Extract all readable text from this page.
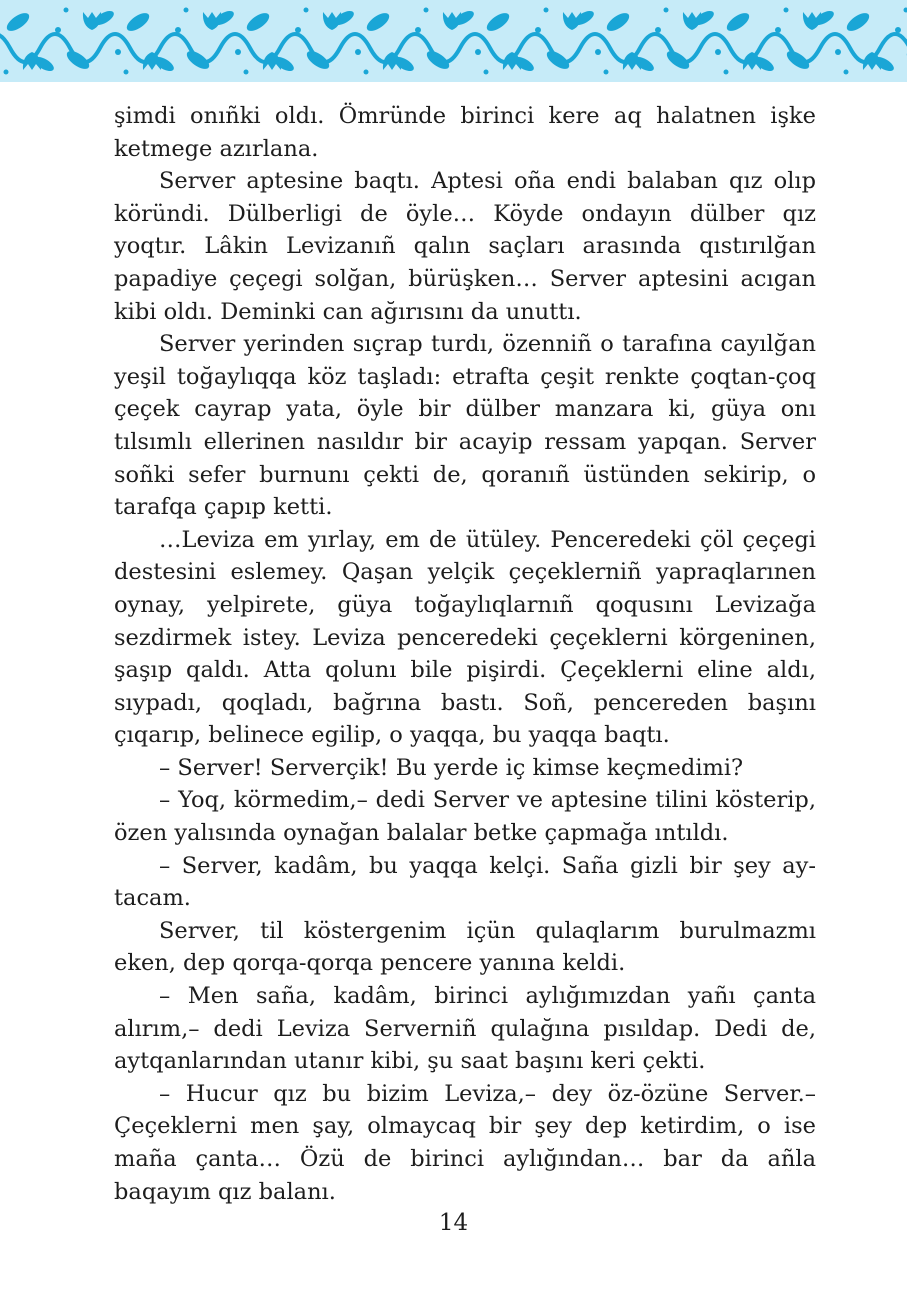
şimdi onıñki oldı. Ömründe birinci kere aq halatnen işke ketmege azırlana.

Server aptesine baqtı. Aptesi oña endi balaban qız olıp köründi. Dülberligi de öyle… Köyde ondayın dülber qız yoqtır. Lâkin Levizanıñ qalın saçları arasında qıstırılğan papadiye çeçegi solğan, bürüşken… Server aptesini acıgan kibi oldı. Deminki can ağırısını da unuttı.

Server yerinden sıçrap turdı, özenniñ o tarafına cayılğan yeşil toğaylıqqa köz taşladı: etrafta çeşit renkte çoqtan-çoq çeçek cayrap yata, öyle bir dülber manzara ki, güya onı tılsımlı ellerinen nasıldır bir acayip ressam yapqan. Server soñki sefer burnunı çekti de, qoranıñ üstünden sekirip, o tarafqa çapıp ketti.

…Leviza em yırlay, em de ütüley. Penceredeki çöl çeçegi destesini eslemey. Qaşan yelçik çeçeklerniñ yapraqlarınen oynay, yelpirete, güya toğaylıqlarnıñ qoqusını Levizağa sezdirmek istey. Leviza penceredeki çeçeklerni körgeninen, şaşıp qaldı. Atta qolunı bile pişirdi. Çeçeklerni eline aldı, sıypadı, qoqladı, bağrına bastı. Soñ, pencereden başını çıqarıp, belinece egilip, o yaqqa, bu yaqqa baqtı.

– Server! Serverçik! Bu yerde iç kimse keçmedimi?

– Yoq, körmedim,– dedi Server ve aptesine tilini kösterip, özen yalısında oynağan balalar betke çapmağa ıntıldı.

– Server, kadâm, bu yaqqa kelçi. Saña gizli bir şey aytacam.

Server, til köstergenim içün qulaqlarım burulmazmı eken, dep qorqa-qorqa pencere yanına keldi.

– Men saña, kadâm, birinci aylığımızdan yañı çanta alırım,– dedi Leviza Serverniñ qulağına pısıldap. Dedi de, aytqanlarından utanır kibi, şu saat başını keri çekti.

– Hucur qız bu bizim Leviza,– dey öz-özüne Server.– Çeçeklerni men şay, olmaycaq bir şey dep ketirdim, o ise maña çanta… Özü de birinci aylığından… bar da añla baqayım qız balanı.

14
